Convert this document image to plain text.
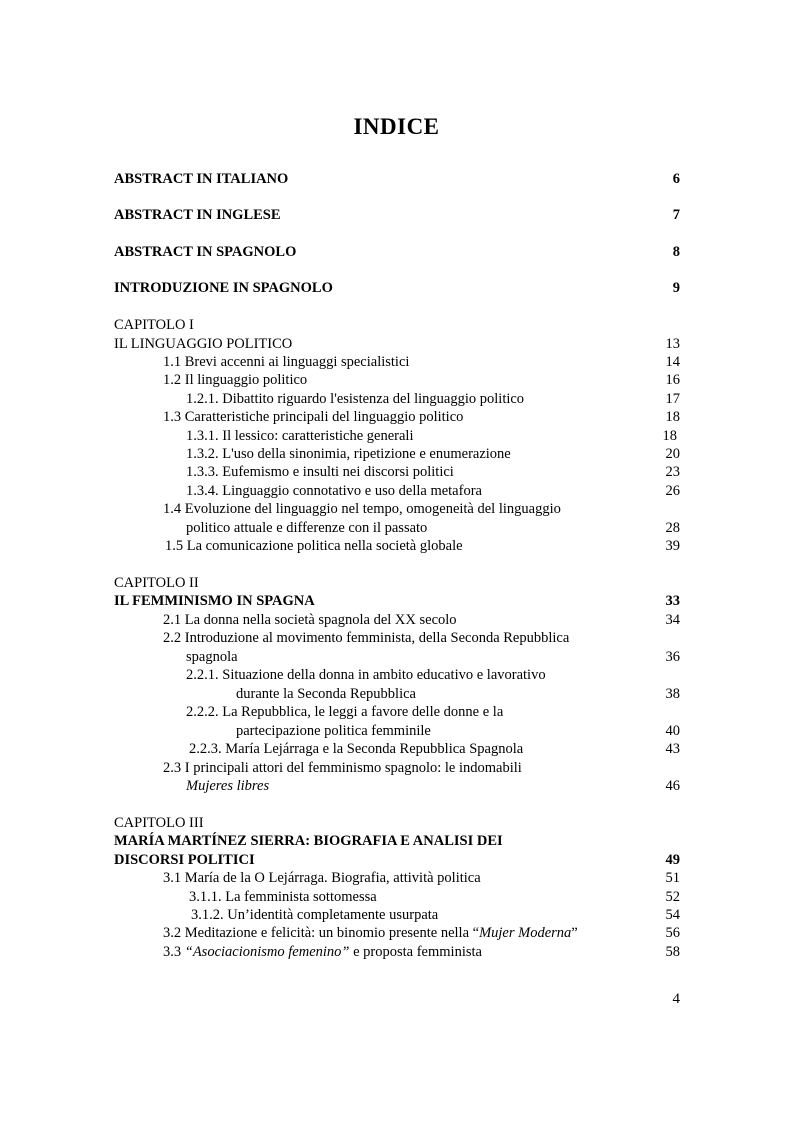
INDICE
ABSTRACT IN ITALIANO	6
ABSTRACT IN INGLESE	7
ABSTRACT IN SPAGNOLO	8
INTRODUZIONE IN SPAGNOLO	9
CAPITOLO I
IL LINGUAGGIO POLITICO	13
1.1 Brevi accenni ai linguaggi specialistici	14
1.2 Il linguaggio politico	16
1.2.1. Dibattito riguardo l'esistenza del linguaggio politico	17
1.3 Caratteristiche principali del linguaggio politico	18
1.3.1. Il lessico: caratteristiche generali	18
1.3.2. L'uso della sinonimia, ripetizione e enumerazione	20
1.3.3. Eufemismo e insulti nei discorsi politici	23
1.3.4. Linguaggio connotativo e uso della metafora	26
1.4 Evoluzione del linguaggio nel tempo, omogeneità del linguaggio
politico attuale e differenze con il passato	28
1.5 La comunicazione politica nella società globale	39
CAPITOLO II
IL FEMMINISMO IN SPAGNA	33
2.1 La donna nella società spagnola del XX secolo	34
2.2 Introduzione al movimento femminista, della Seconda Repubblica
spagnola	36
2.2.1. Situazione della donna in ambito educativo e lavorativo
durante la Seconda Repubblica	38
2.2.2. La Repubblica, le leggi a favore delle donne e la
partecipazione politica femminile	40
2.2.3. María Lejárraga e la Seconda Repubblica Spagnola	43
2.3 I principali attori del femminismo spagnolo: le indomabili
Mujeres libres	46
CAPITOLO III
MARÍA MARTÍNEZ SIERRA: BIOGRAFIA E ANALISI DEI
DISCORSI POLITICI	49
3.1 María de la O Lejárraga. Biografia, attività politica	51
3.1.1. La femminista sottomessa	52
3.1.2. Un’identità completamente usurpata	54
3.2 Meditazione e felicità: un binomio presente nella “Mujer Moderna”	56
3.3 “Asociacionismo femenino” e proposta femminista	58
4
